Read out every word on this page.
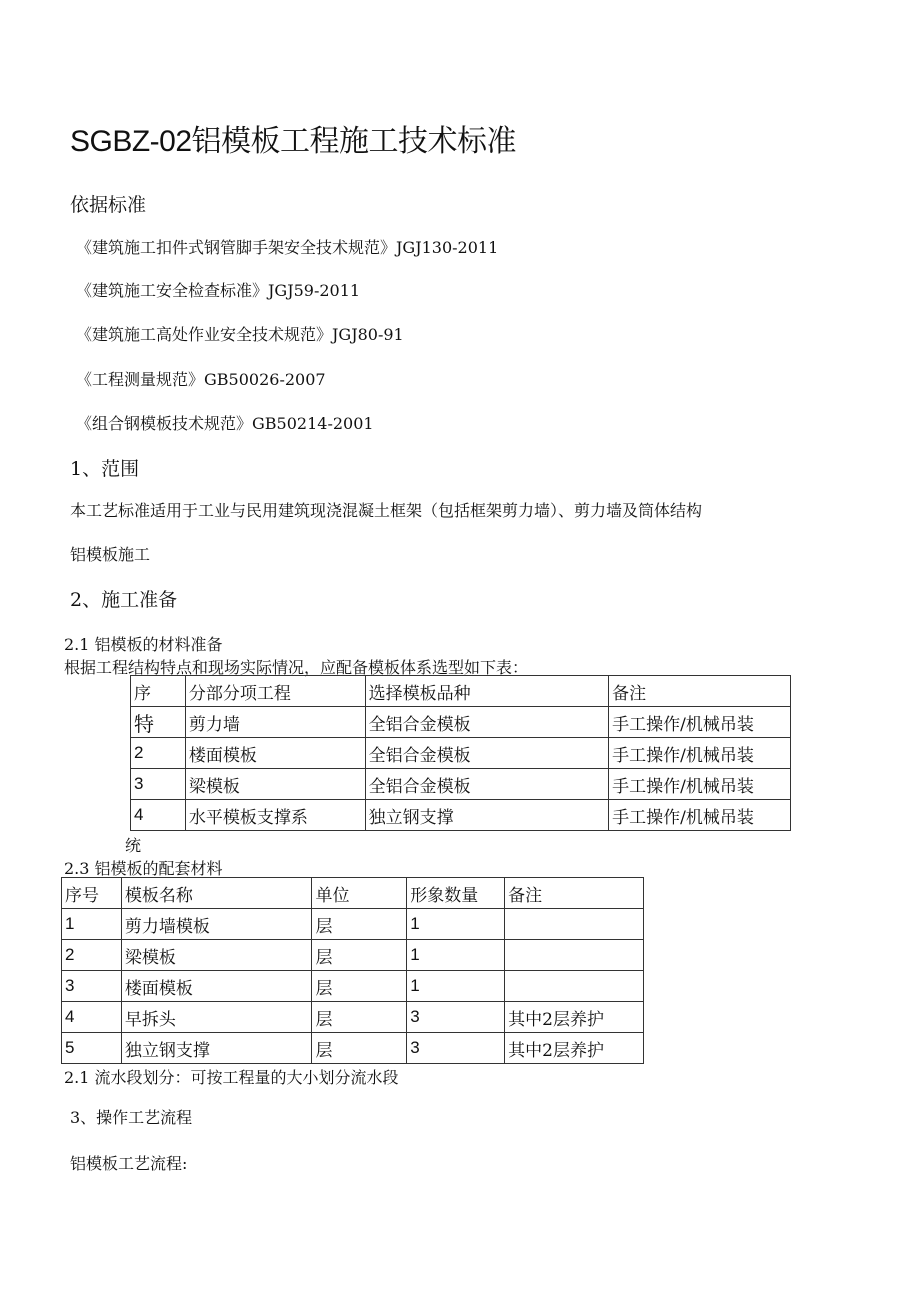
SGBZ-02铝模板工程施工技术标准
依据标准
《建筑施工扣件式钢管脚手架安全技术规范》JGJ130-2011
《建筑施工安全检查标准》JGJ59-2011
《建筑施工高处作业安全技术规范》JGJ80-91
《工程测量规范》GB50026-2007
《组合钢模板技术规范》GB50214-2001
1、范围
本工艺标准适用于工业与民用建筑现浇混凝土框架（包括框架剪力墙）、剪力墙及筒体结构
铝模板施工
2、施工准备
2.1 铝模板的材料准备
根据工程结构特点和现场实际情况，应配备模板体系选型如下表：
序	分部分项工程	选择模板品种	备注
特	剪力墙	全铝合金模板	手工操作/机械吊装
2	楼面模板	全铝合金模板	手工操作/机械吊装
3	梁模板	全铝合金模板	手工操作/机械吊装
4	水平模板支撑系	独立钢支撑	手工操作/机械吊装
统
2.3 铝模板的配套材料
序号	模板名称	单位	形象数量	备注
1	剪力墙模板	层	1	
2	梁模板	层	1	
3	楼面模板	层	1	
4	早拆头	层	3	其中2层养护
5	独立钢支撑	层	3	其中2层养护
2.1 流水段划分：可按工程量的大小划分流水段
3、操作工艺流程
铝模板工艺流程:
